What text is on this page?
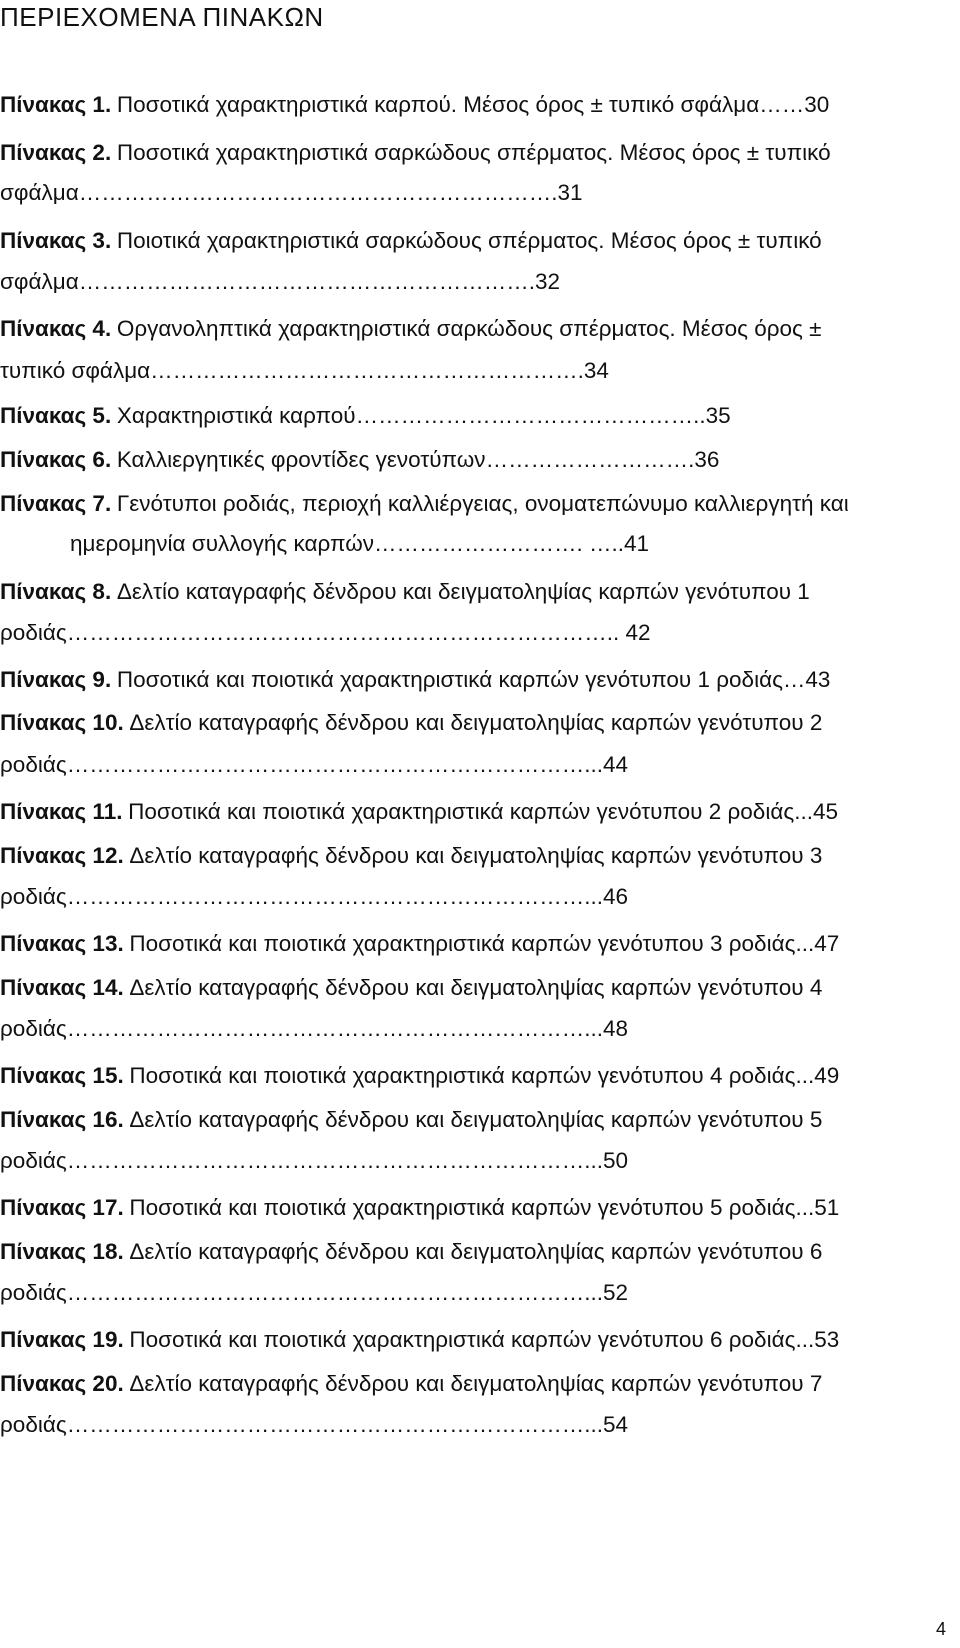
ΠΕΡΙΕΧΟΜΕΝΑ ΠΙΝΑΚΩΝ
Πίνακας 1. Ποσοτικά χαρακτηριστικά καρπού. Μέσος όρος ± τυπικό σφάλμα……30
Πίνακας 2. Ποσοτικά χαρακτηριστικά σαρκώδους σπέρματος. Μέσος όρος ± τυπικό
σφάλμα……………………………………………………….31
Πίνακας 3. Ποιοτικά χαρακτηριστικά σαρκώδους σπέρματος. Μέσος όρος ± τυπικό
σφάλμα…………………………………………………….32
Πίνακας 4. Οργανοληπτικά χαρακτηριστικά σαρκώδους σπέρματος. Μέσος όρος ±
τυπικό σφάλμα………………………………………………….34
Πίνακας 5. Χαρακτηριστικά καρπού………………………………………..35
Πίνακας 6. Καλλιεργητικές φροντίδες γενοτύπων……………………….36
Πίνακας 7. Γενότυποι ροδιάς, περιοχή καλλιέργειας, ονοματεπώνυμο καλλιεργητή και
ημερομηνία συλλογής καρπών………………………. …..41
Πίνακας 8. Δελτίο καταγραφής δένδρου και δειγματοληψίας καρπών γενότυπου 1
ροδιάς……………………………………………………………….. 42
Πίνακας 9. Ποσοτικά και ποιοτικά χαρακτηριστικά καρπών γενότυπου 1 ροδιάς…43
Πίνακας 10. Δελτίο καταγραφής δένδρου και δειγματοληψίας καρπών γενότυπου 2
ροδιάς……………………………………………………………...44
Πίνακας 11. Ποσοτικά και ποιοτικά χαρακτηριστικά καρπών γενότυπου 2 ροδιάς...45
Πίνακας 12. Δελτίο καταγραφής δένδρου και δειγματοληψίας καρπών γενότυπου 3
ροδιάς……………………………………………………………...46
Πίνακας 13. Ποσοτικά και ποιοτικά χαρακτηριστικά καρπών γενότυπου 3 ροδιάς...47
Πίνακας 14. Δελτίο καταγραφής δένδρου και δειγματοληψίας καρπών γενότυπου 4
ροδιάς……………………………………………………………...48
Πίνακας 15. Ποσοτικά και ποιοτικά χαρακτηριστικά καρπών γενότυπου 4 ροδιάς...49
Πίνακας 16. Δελτίο καταγραφής δένδρου και δειγματοληψίας καρπών γενότυπου 5
ροδιάς……………………………………………………………...50
Πίνακας 17. Ποσοτικά και ποιοτικά χαρακτηριστικά καρπών γενότυπου 5 ροδιάς...51
Πίνακας 18. Δελτίο καταγραφής δένδρου και δειγματοληψίας καρπών γενότυπου 6
ροδιάς……………………………………………………………...52
Πίνακας 19. Ποσοτικά και ποιοτικά χαρακτηριστικά καρπών γενότυπου 6 ροδιάς...53
Πίνακας 20. Δελτίο καταγραφής δένδρου και δειγματοληψίας καρπών γενότυπου 7
ροδιάς……………………………………………………………...54
4
